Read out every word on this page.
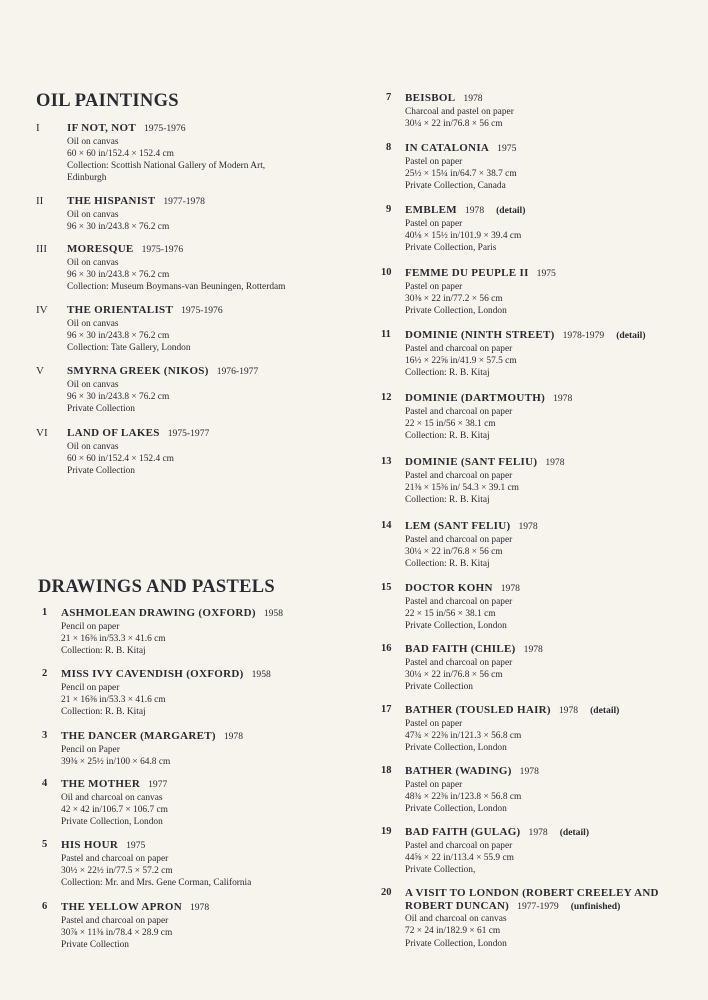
OIL PAINTINGS
I IF NOT, NOT 1975-1976
Oil on canvas
60 × 60 in/152.4 × 152.4 cm
Collection: Scottish National Gallery of Modern Art,
Edinburgh
II THE HISPANIST 1977-1978
Oil on canvas
96 × 30 in/243.8 × 76.2 cm
III MORESQUE 1975-1976
Oil on canvas
96 × 30 in/243.8 × 76.2 cm
Collection: Museum Boymans-van Beuningen, Rotterdam
IV THE ORIENTALIST 1975-1976
Oil on canvas
96 × 30 in/243.8 × 76.2 cm
Collection: Tate Gallery, London
V SMYRNA GREEK (NIKOS) 1976-1977
Oil on canvas
96 × 30 in/243.8 × 76.2 cm
Private Collection
VI LAND OF LAKES 1975-1977
Oil on canvas
60 × 60 in/152.4 × 152.4 cm
Private Collection
DRAWINGS AND PASTELS
1 ASHMOLEAN DRAWING (OXFORD) 1958
Pencil on paper
21 × 16⅜ in/53.3 × 41.6 cm
Collection: R. B. Kitaj
2 MISS IVY CAVENDISH (OXFORD) 1958
Pencil on paper
21 × 16⅜ in/53.3 × 41.6 cm
Collection: R. B. Kitaj
3 THE DANCER (MARGARET) 1978
Pencil on Paper
39⅜ × 25½ in/100 × 64.8 cm
4 THE MOTHER 1977
Oil and charcoal on canvas
42 × 42 in/106.7 × 106.7 cm
Private Collection, London
5 HIS HOUR 1975
Pastel and charcoal on paper
30½ × 22½ in/77.5 × 57.2 cm
Collection: Mr. and Mrs. Gene Corman, California
6 THE YELLOW APRON 1978
Pastel and charcoal on paper
30⅞ × 11⅜ in/78.4 × 28.9 cm
Private Collection
7 BEISBOL 1978
Charcoal and pastel on paper
30¼ × 22 in/76.8 × 56 cm
8 IN CATALONIA 1975
Pastel on paper
25½ × 15¼ in/64.7 × 38.7 cm
Private Collection, Canada
9 EMBLEM 1978 (detail)
Pastel on paper
40⅛ × 15½ in/101.9 × 39.4 cm
Private Collection, Paris
10 FEMME DU PEUPLE II 1975
Pastel on paper
30⅜ × 22 in/77.2 × 56 cm
Private Collection, London
11 DOMINIE (NINTH STREET) 1978-1979 (detail)
Pastel and charcoal on paper
16½ × 22⅝ in/41.9 × 57.5 cm
Collection: R. B. Kitaj
12 DOMINIE (DARTMOUTH) 1978
Pastel and charcoal on paper
22 × 15 in/56 × 38.1 cm
Collection: R. B. Kitaj
13 DOMINIE (SANT FELIU) 1978
Pastel and charcoal on paper
21⅜ × 15⅜ in/ 54.3 × 39.1 cm
Collection: R. B. Kitaj
14 LEM (SANT FELIU) 1978
Pastel and charcoal on paper
30¼ × 22 in/76.8 × 56 cm
Collection: R. B. Kitaj
15 DOCTOR KOHN 1978
Pastel and charcoal on paper
22 × 15 in/56 × 38.1 cm
Private Collection, London
16 BAD FAITH (CHILE) 1978
Pastel and charcoal on paper
30¼ × 22 in/76.8 × 56 cm
Private Collection
17 BATHER (TOUSLED HAIR) 1978 (detail)
Pastel on paper
47¾ × 22⅜ in/121.3 × 56.8 cm
Private Collection, London
18 BATHER (WADING) 1978
Pastel on paper
48¾ × 22⅜ in/123.8 × 56.8 cm
Private Collection, London
19 BAD FAITH (GULAG) 1978 (detail)
Pastel and charcoal on paper
44⅝ × 22 in/113.4 × 55.9 cm
Private Collection,
20 A VISIT TO LONDON (ROBERT CREELEY AND ROBERT DUNCAN) 1977-1979 (unfinished)
Oil and charcoal on canvas
72 × 24 in/182.9 × 61 cm
Private Collection, London
